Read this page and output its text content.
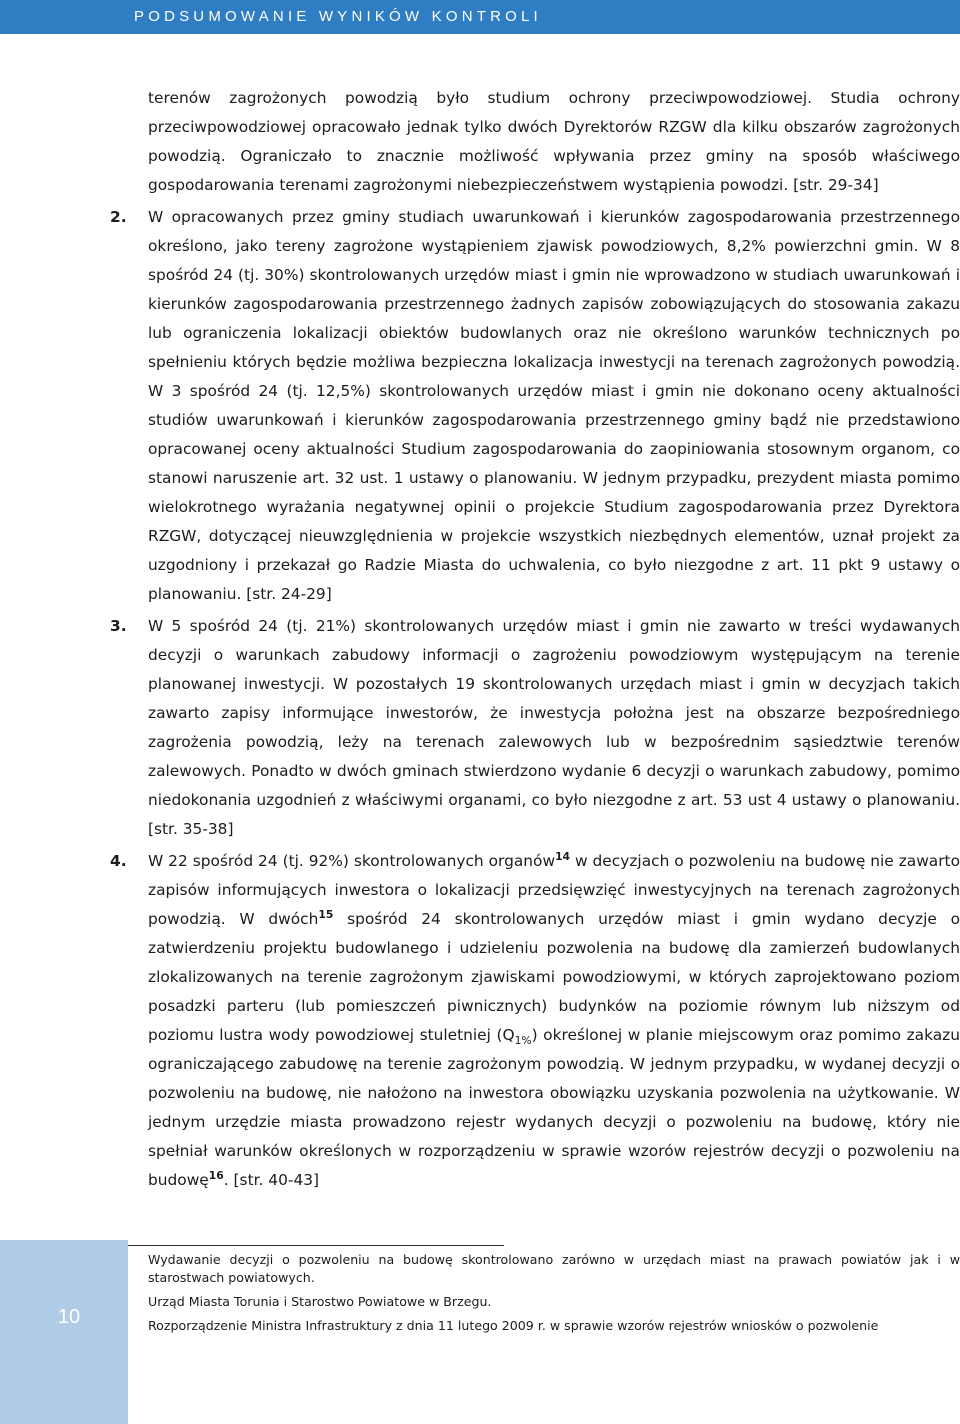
PODSUMOWANIE WYNIKÓW KONTROLI

terenów zagrożonych powodzią było studium ochrony przeciwpowodziowej. Studia ochrony przeciwpowodziowej opracowało jednak tylko dwóch Dyrektorów RZGW dla kilku obszarów zagrożonych powodzią. Ograniczało to znacznie możliwość wpływania przez gminy na sposób właściwego gospodarowania terenami zagrożonymi niebezpieczeństwem wystąpienia powodzi. [str. 29-34]

2. W opracowanych przez gminy studiach uwarunkowań i kierunków zagospodarowania przestrzennego określono, jako tereny zagrożone wystąpieniem zjawisk powodziowych, 8,2% powierzchni gmin. W 8 spośród 24 (tj. 30%) skontrolowanych urzędów miast i gmin nie wprowadzono w studiach uwarunkowań i kierunków zagospodarowania przestrzennego żadnych zapisów zobowiązujących do stosowania zakazu lub ograniczenia lokalizacji obiektów budowlanych oraz nie określono warunków technicznych po spełnieniu których będzie możliwa bezpieczna lokalizacja inwestycji na terenach zagrożonych powodzią. W 3 spośród 24 (tj. 12,5%) skontrolowanych urzędów miast i gmin nie dokonano oceny aktualności studiów uwarunkowań i kierunków zagospodarowania przestrzennego gminy bądź nie przedstawiono opracowanej oceny aktualności Studium zagospodarowania do zaopiniowania stosownym organom, co stanowi naruszenie art. 32 ust. 1 ustawy o planowaniu. W jednym przypadku, prezydent miasta pomimo wielokrotnego wyrażania negatywnej opinii o projekcie Studium zagospodarowania przez Dyrektora RZGW, dotyczącej nieuwzględnienia w projekcie wszystkich niezbędnych elementów, uznał projekt za uzgodniony i przekazał go Radzie Miasta do uchwalenia, co było niezgodne z art. 11 pkt 9 ustawy o planowaniu. [str. 24-29]

3. W 5 spośród 24 (tj. 21%) skontrolowanych urzędów miast i gmin nie zawarto w treści wydawanych decyzji o warunkach zabudowy informacji o zagrożeniu powodziowym występującym na terenie planowanej inwestycji. W pozostałych 19 skontrolowanych urzędach miast i gmin w decyzjach takich zawarto zapisy informujące inwestorów, że inwestycja położna jest na obszarze bezpośredniego zagrożenia powodzią, leży na terenach zalewowych lub w bezpośrednim sąsiedztwie terenów zalewowych. Ponadto w dwóch gminach stwierdzono wydanie 6 decyzji o warunkach zabudowy, pomimo niedokonania uzgodnień z właściwymi organami, co było niezgodne z art. 53 ust 4 ustawy o planowaniu. [str. 35-38]

4. W 22 spośród 24 (tj. 92%) skontrolowanych organów$^{14}$ w decyzjach o pozwoleniu na budowę nie zawarto zapisów informujących inwestora o lokalizacji przedsięwzięć inwestycyjnych na terenach zagrożonych powodzią. W dwóch$^{15}$ spośród 24 skontrolowanych urzędów miast i gmin wydano decyzje o zatwierdzeniu projektu budowlanego i udzieleniu pozwolenia na budowę dla zamierzeń budowlanych zlokalizowanych na terenie zagrożonym zjawiskami powodziowymi, w których zaprojektowano poziom posadzki parteru (lub pomieszczeń piwnicznych) budynków na poziomie równym lub niższym od poziomu lustra wody powodziowej stuletniej $(Q_{1\%})$ określonej w planie miejscowym oraz pomimo zakazu ograniczającego zabudowę na terenie zagrożonym powodzią. W jednym przypadku, w wydanej decyzji o pozwoleniu na budowę, nie nałożono na inwestora obowiązku uzyskania pozwolenia na użytkowanie. W jednym urzędzie miasta prowadzono rejestr wydanych decyzji o pozwoleniu na budowę, który nie spełniał warunków określonych w rozporządzeniu w sprawie wzorów rejestrów decyzji o pozwoleniu na budowę$^{16}$. [str. 40-43]

Wydawanie decyzji o pozwoleniu na budowę skontrolowano zarówno w urzędach miast na prawach powiatów jak i w starostwach powiatowych.

Urząd Miasta Torunia i Starostwo Powiatowe w Brzegu.

Rozporządzenie Ministra Infrastruktury z dnia 11 lutego 2009 r. w sprawie wzorów rejestrów wniosków o pozwolenie

10
